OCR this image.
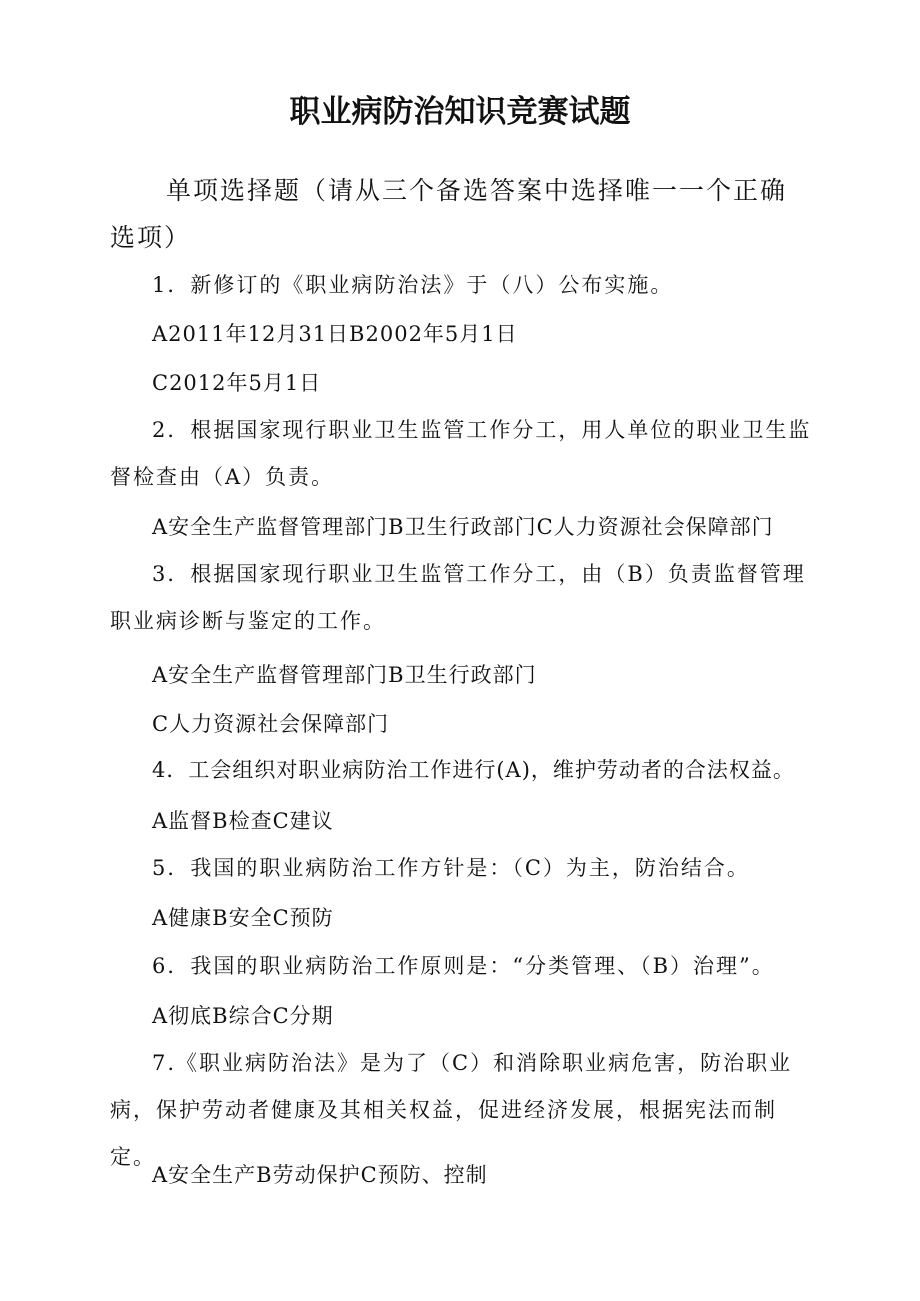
职业病防治知识竞赛试题

单项选择题（请从三个备选答案中选择唯一一个正确选项）

1．新修订的《职业病防治法》于（八）公布实施。

A2011年12月31日B2002年5月1日

C2012年5月1日

2．根据国家现行职业卫生监管工作分工，用人单位的职业卫生监督检查由（A）负责。

A安全生产监督管理部门B卫生行政部门C人力资源社会保障部门

3．根据国家现行职业卫生监管工作分工，由（B）负责监督管理职业病诊断与鉴定的工作。

A安全生产监督管理部门B卫生行政部门

C人力资源社会保障部门

4．工会组织对职业病防治工作进行(A)，维护劳动者的合法权益。

A监督B检查C建议

5．我国的职业病防治工作方针是：（C）为主，防治结合。

A健康B安全C预防

6．我国的职业病防治工作原则是：“分类管理、（B）治理”。

A彻底B综合C分期

7.《职业病防治法》是为了（C）和消除职业病危害，防治职业病，保护劳动者健康及其相关权益，促进经济发展，根据宪法而制定。

A安全生产B劳动保护C预防、控制
